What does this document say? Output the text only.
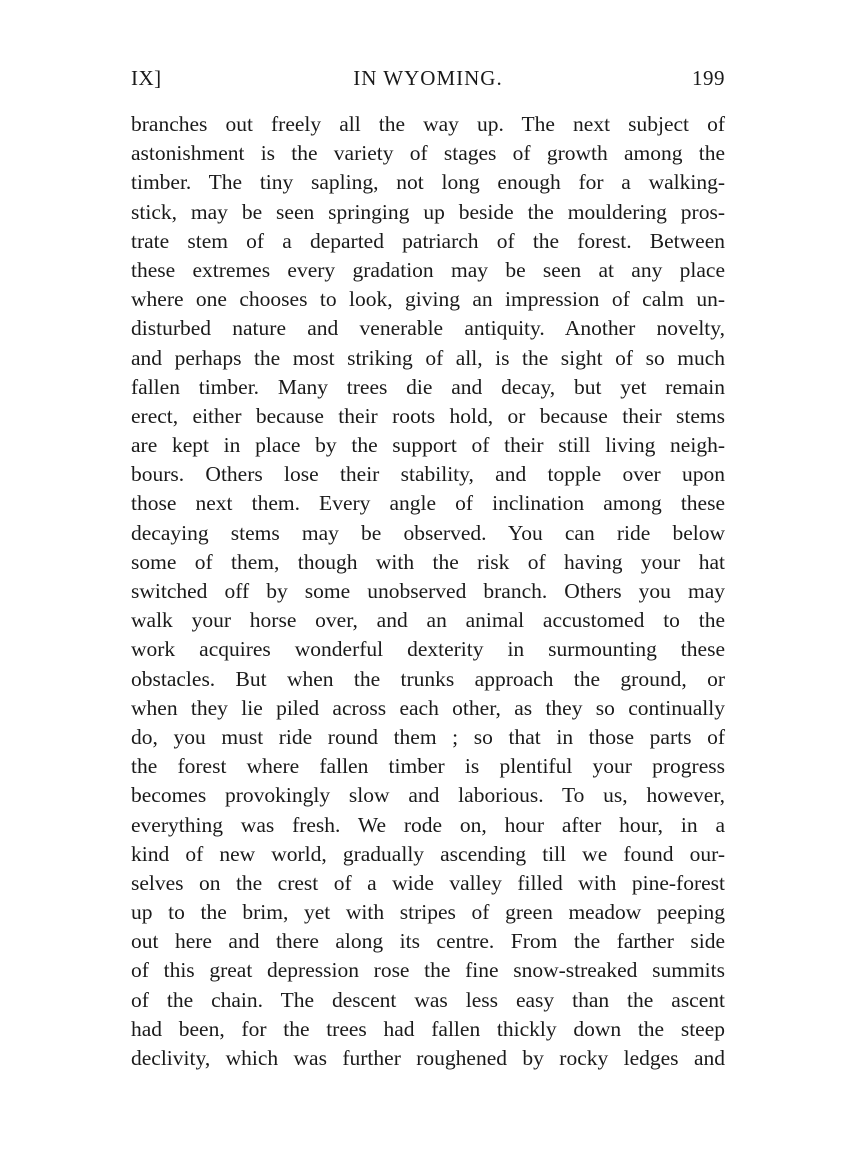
IX]	IN WYOMING.	199
branches out freely all the way up. The next subject of
astonishment is the variety of stages of growth among the
timber. The tiny sapling, not long enough for a walking-
stick, may be seen springing up beside the mouldering pros-
trate stem of a departed patriarch of the forest. Between
these extremes every gradation may be seen at any place
where one chooses to look, giving an impression of calm un-
disturbed nature and venerable antiquity. Another novelty,
and perhaps the most striking of all, is the sight of so much
fallen timber. Many trees die and decay, but yet remain
erect, either because their roots hold, or because their stems
are kept in place by the support of their still living neigh-
bours. Others lose their stability, and topple over upon
those next them. Every angle of inclination among these
decaying stems may be observed. You can ride below
some of them, though with the risk of having your hat
switched off by some unobserved branch. Others you may
walk your horse over, and an animal accustomed to the
work acquires wonderful dexterity in surmounting these
obstacles. But when the trunks approach the ground, or
when they lie piled across each other, as they so continually
do, you must ride round them ; so that in those parts of
the forest where fallen timber is plentiful your progress
becomes provokingly slow and laborious. To us, however,
everything was fresh. We rode on, hour after hour, in a
kind of new world, gradually ascending till we found our-
selves on the crest of a wide valley filled with pine-forest
up to the brim, yet with stripes of green meadow peeping
out here and there along its centre. From the farther side
of this great depression rose the fine snow-streaked summits
of the chain. The descent was less easy than the ascent
had been, for the trees had fallen thickly down the steep
declivity, which was further roughened by rocky ledges and
